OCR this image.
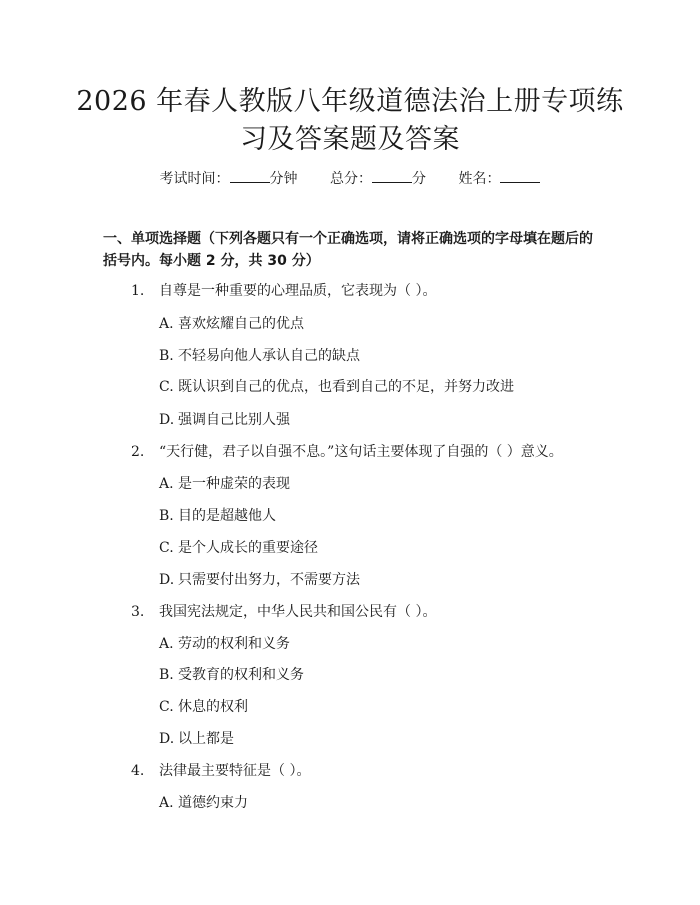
2026 年春人教版八年级道德法治上册专项练
习及答案题及答案
考试时间：	分钟 总分：	分 姓名：
一、单项选择题（下列各题只有一个正确选项，请将正确选项的字母填在题后的括号内。每小题 2 分，共 30 分）
1. 自尊是一种重要的心理品质，它表现为（ ）。
A. 喜欢炫耀自己的优点
B. 不轻易向他人承认自己的缺点
C. 既认识到自己的优点，也看到自己的不足，并努力改进
D. 强调自己比别人强
2. “天行健，君子以自强不息。”这句话主要体现了自强的（ ）意义。
A. 是一种虚荣的表现
B. 目的是超越他人
C. 是个人成长的重要途径
D. 只需要付出努力，不需要方法
3. 我国宪法规定，中华人民共和国公民有（ ）。
A. 劳动的权利和义务
B. 受教育的权利和义务
C. 休息的权利
D. 以上都是
4. 法律最主要特征是（ ）。
A. 道德约束力
